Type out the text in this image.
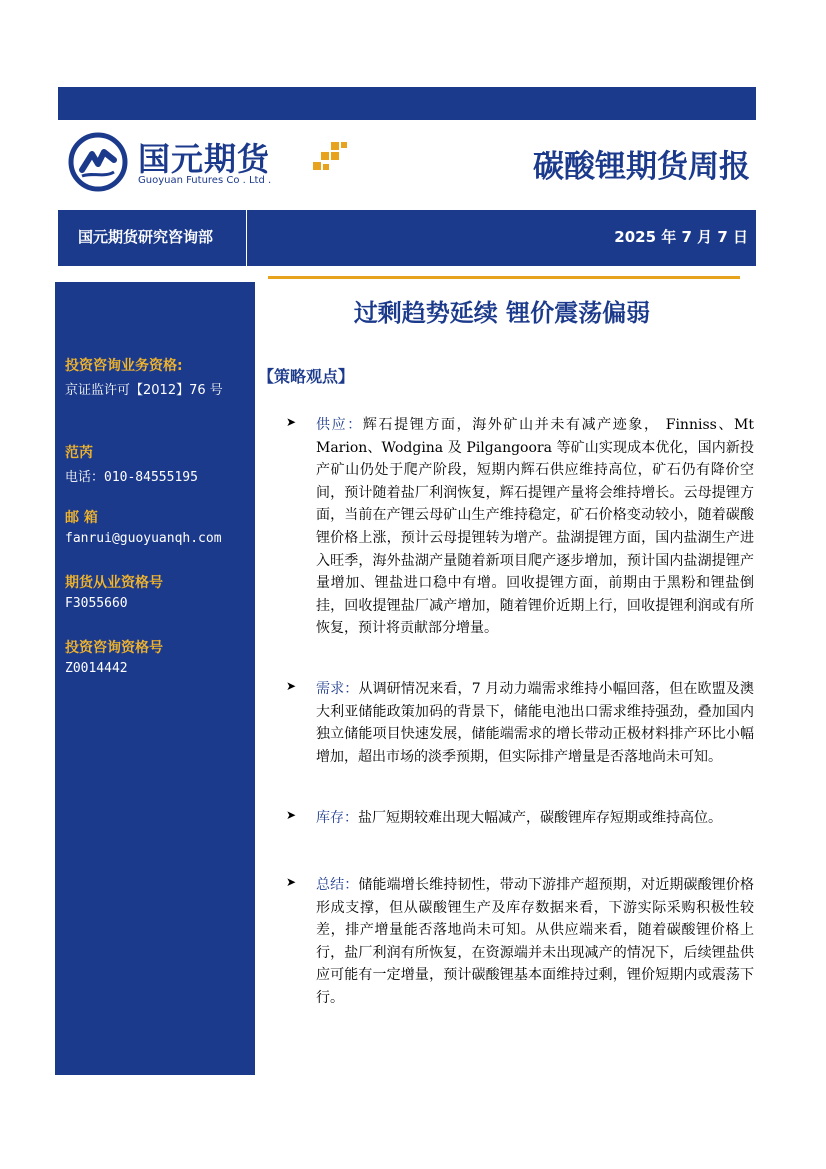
国元期货
Guoyuan Futures Co . Ltd .	碳酸锂期货周报
国元期货研究咨询部	2025 年 7 月 7 日
投资咨询业务资格:
京证监许可【2012】76 号
范芮
电话：010-84555195
邮 箱
fanrui@guoyuanqh.com
期货从业资格号
F3055660
投资咨询资格号
Z0014442
过剩趋势延续 锂价震荡偏弱
【策略观点】
➤ 供应：辉石提锂方面，海外矿山并未有减产迹象， Finniss、Mt Marion、Wodgina 及 Pilgangoora 等矿山实现成本优化，国内新投产矿山仍处于爬产阶段，短期内辉石供应维持高位，矿石仍有降价空间，预计随着盐厂利润恢复，辉石提锂产量将会维持增长。云母提锂方面，当前在产锂云母矿山生产维持稳定，矿石价格变动较小，随着碳酸锂价格上涨，预计云母提锂转为增产。盐湖提锂方面，国内盐湖生产进入旺季，海外盐湖产量随着新项目爬产逐步增加，预计国内盐湖提锂产量增加、锂盐进口稳中有增。回收提锂方面，前期由于黑粉和锂盐倒挂，回收提锂盐厂减产增加，随着锂价近期上行，回收提锂利润或有所恢复，预计将贡献部分增量。
➤ 需求：从调研情况来看，7 月动力端需求维持小幅回落，但在欧盟及澳大利亚储能政策加码的背景下，储能电池出口需求维持强劲，叠加国内独立储能项目快速发展，储能端需求的增长带动正极材料排产环比小幅增加，超出市场的淡季预期，但实际排产增量是否落地尚未可知。
➤ 库存：盐厂短期较难出现大幅减产，碳酸锂库存短期或维持高位。
➤ 总结：储能端增长维持韧性，带动下游排产超预期，对近期碳酸锂价格形成支撑，但从碳酸锂生产及库存数据来看，下游实际采购积极性较差，排产增量能否落地尚未可知。从供应端来看，随着碳酸锂价格上行，盐厂利润有所恢复，在资源端并未出现减产的情况下，后续锂盐供应可能有一定增量，预计碳酸锂基本面维持过剩，锂价短期内或震荡下行。
